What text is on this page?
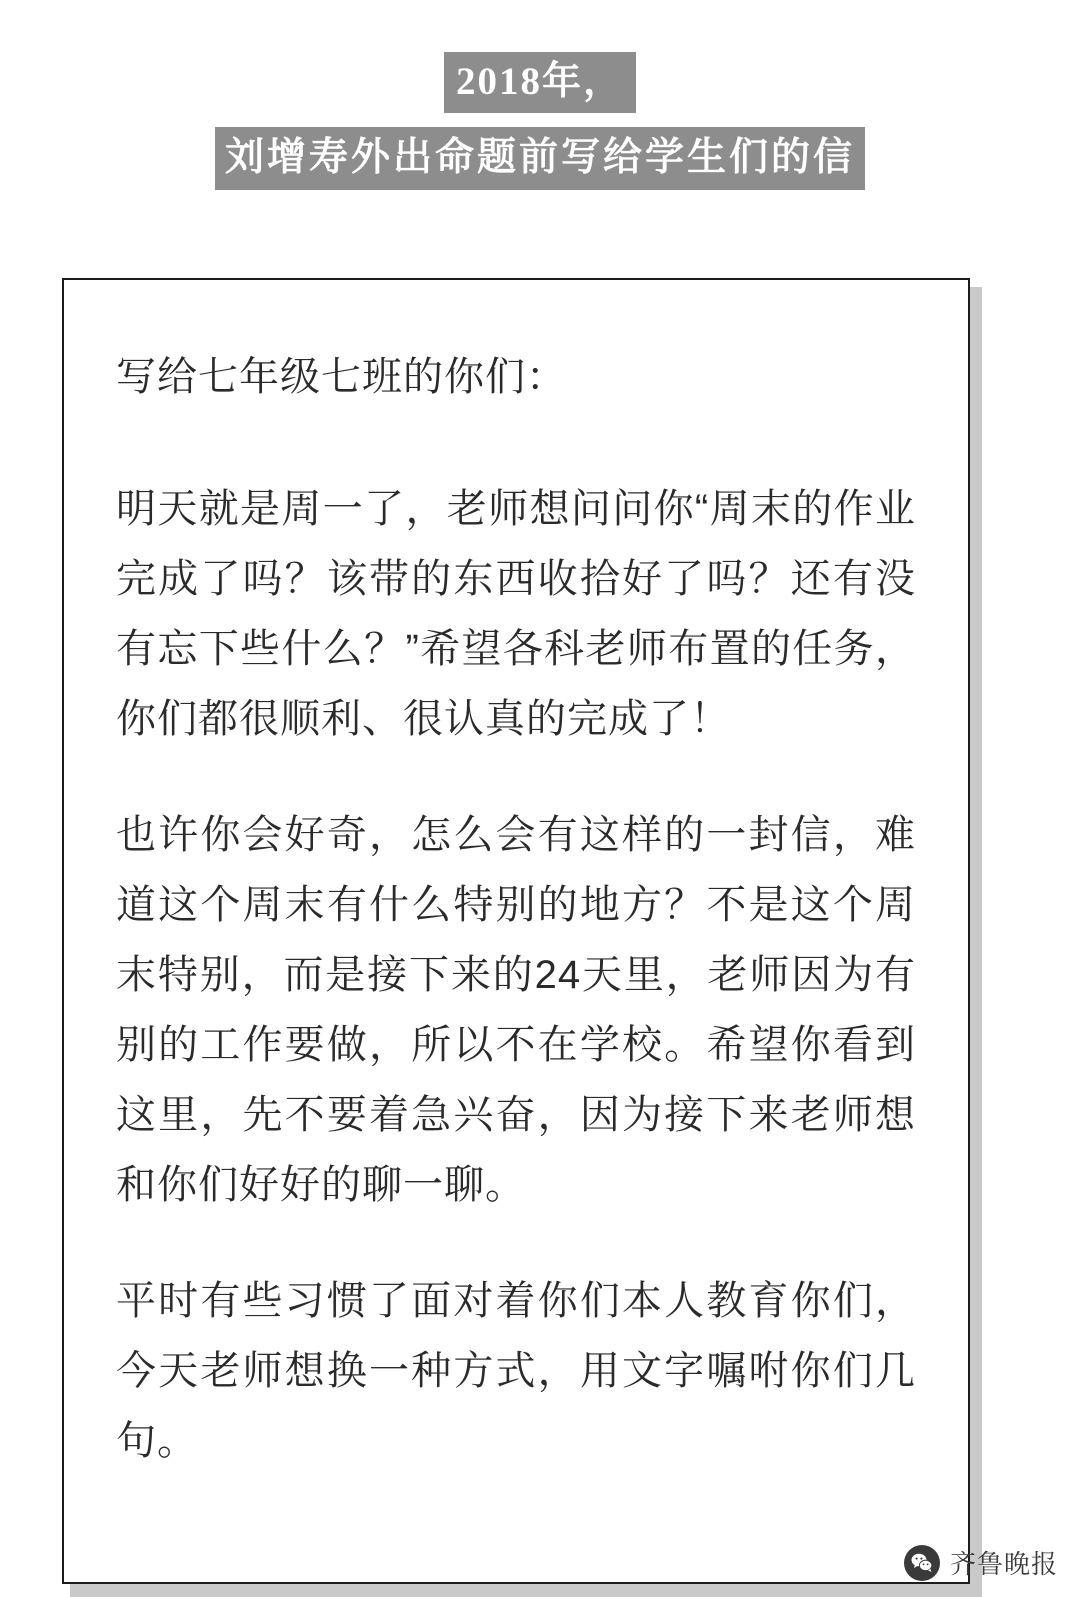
2018年，
刘增寿外出命题前写给学生们的信

写给七年级七班的你们：

明天就是周一了，老师想问问你“周末的作业完成了吗？该带的东西收拾好了吗？还有没有忘下些什么？”希望各科老师布置的任务，你们都很顺利、很认真的完成了！

也许你会好奇，怎么会有这样的一封信，难道这个周末有什么特别的地方？不是这个周末特别，而是接下来的24天里，老师因为有别的工作要做，所以不在学校。希望你看到这里，先不要着急兴奋，因为接下来老师想和你们好好的聊一聊。

平时有些习惯了面对着你们本人教育你们，今天老师想换一种方式，用文字嘱咐你们几句。

齐鲁晚报
